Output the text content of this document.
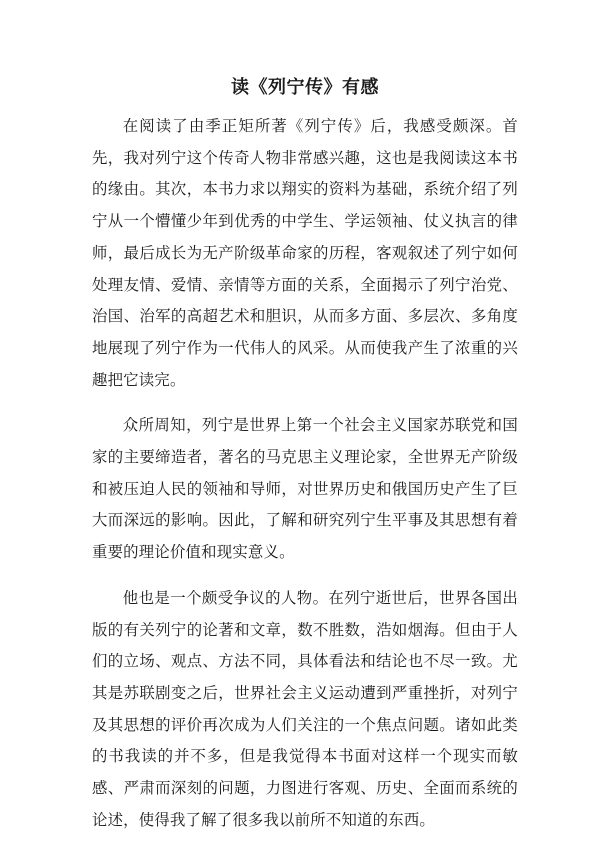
读《列宁传》有感

在阅读了由季正矩所著《列宁传》后，我感受颇深。首先，我对列宁这个传奇人物非常感兴趣，这也是我阅读这本书的缘由。其次，本书力求以翔实的资料为基础，系统介绍了列宁从一个懵懂少年到优秀的中学生、学运领袖、仗义执言的律师，最后成长为无产阶级革命家的历程，客观叙述了列宁如何处理友情、爱情、亲情等方面的关系，全面揭示了列宁治党、治国、治军的高超艺术和胆识，从而多方面、多层次、多角度地展现了列宁作为一代伟人的风采。从而使我产生了浓重的兴趣把它读完。

众所周知，列宁是世界上第一个社会主义国家苏联党和国家的主要缔造者，著名的马克思主义理论家，全世界无产阶级和被压迫人民的领袖和导师，对世界历史和俄国历史产生了巨大而深远的影响。因此，了解和研究列宁生平事及其思想有着重要的理论价值和现实意义。

他也是一个颇受争议的人物。在列宁逝世后，世界各国出版的有关列宁的论著和文章，数不胜数，浩如烟海。但由于人们的立场、观点、方法不同，具体看法和结论也不尽一致。尤其是苏联剧变之后，世界社会主义运动遭到严重挫折，对列宁及其思想的评价再次成为人们关注的一个焦点问题。诸如此类的书我读的并不多，但是我觉得本书面对这样一个现实而敏感、严肃而深刻的问题，力图进行客观、历史、全面而系统的论述，使得我了解了很多我以前所不知道的东西。
